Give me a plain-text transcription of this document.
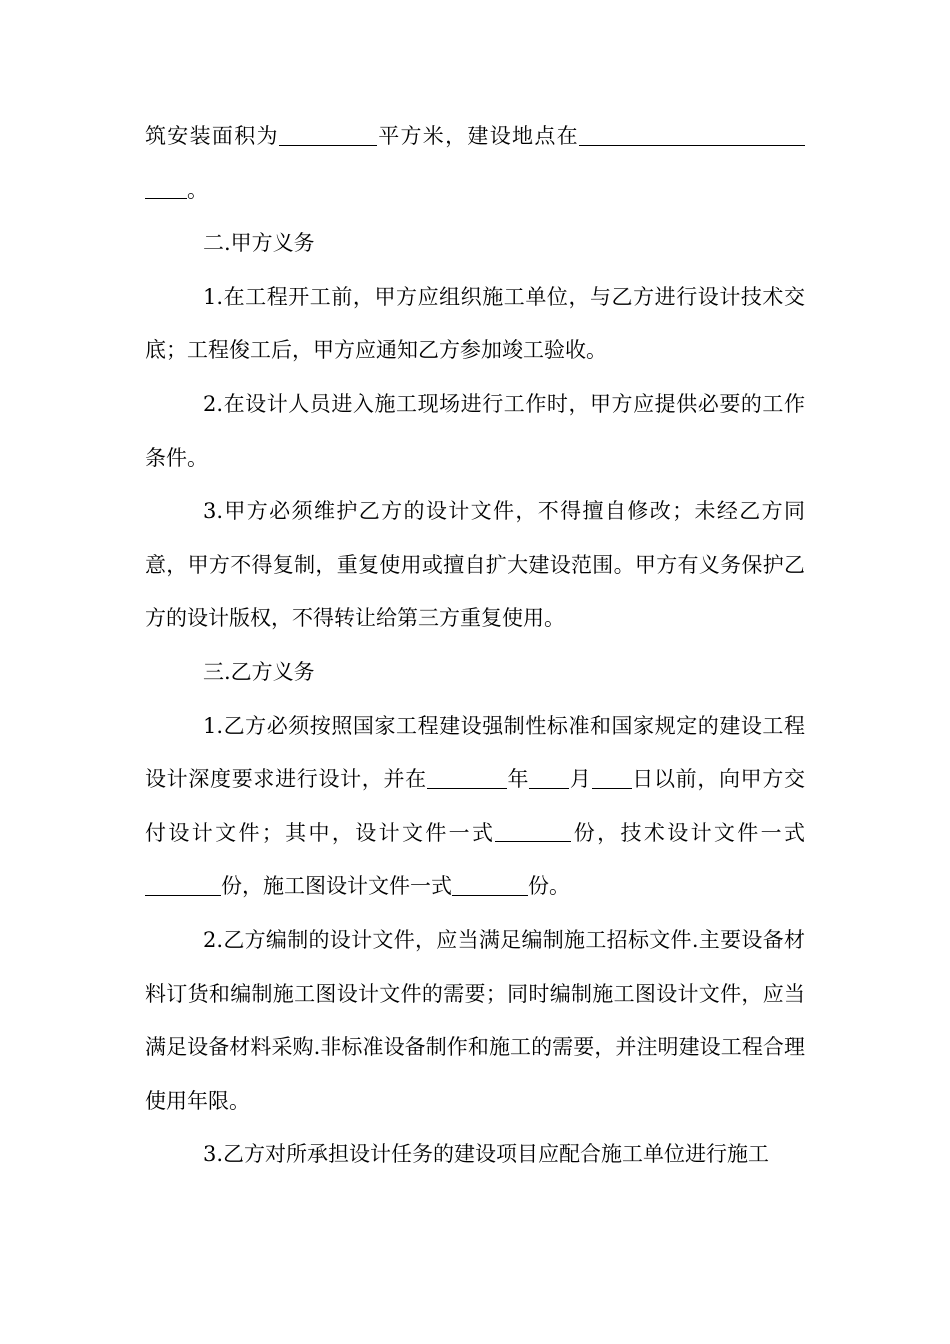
筑安装面积为	平方米，建设地点在。

二.甲方义务

1.在工程开工前，甲方应组织施工单位，与乙方进行设计技术交底；工程俊工后，甲方应通知乙方参加竣工验收。

2.在设计人员进入施工现场进行工作时，甲方应提供必要的工作条件。

3.甲方必须维护乙方的设计文件，不得擅自修改；未经乙方同意，甲方不得复制，重复使用或擅自扩大建设范围。甲方有义务保护乙方的设计版权，不得转让给第三方重复使用。

三.乙方义务

1.乙方必须按照国家工程建设强制性标准和国家规定的建设工程设计深度要求进行设计，并在	年 月 日以前，向甲方交付设计文件；其中，设计文件一式	份，技术设计文件一式份，施工图设计文件一式	份。

2.乙方编制的设计文件，应当满足编制施工招标文件.主要设备材料订货和编制施工图设计文件的需要；同时编制施工图设计文件，应当满足设备材料采购.非标准设备制作和施工的需要，并注明建设工程合理使用年限。

3.乙方对所承担设计任务的建设项目应配合施工单位进行施工
